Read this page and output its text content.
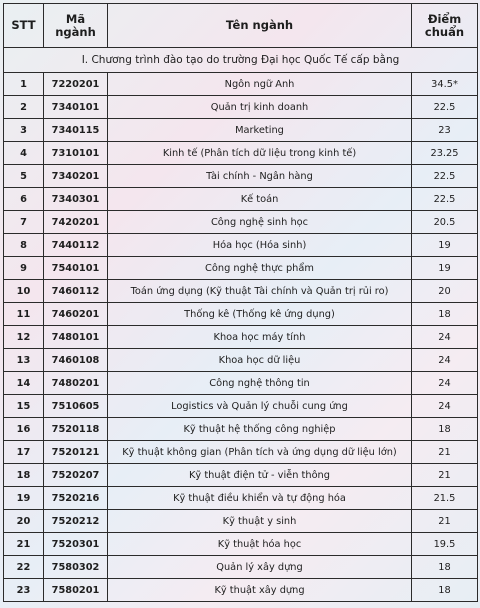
STT	Mã ngành	Tên ngành	Điểm chuẩn
I. Chương trình đào tạo do trường Đại học Quốc Tế cấp bằng			
1	7220201	Ngôn ngữ Anh	34.5*
2	7340101	Quản trị kinh doanh	22.5
3	7340115	Marketing	23
4	7310101	Kinh tế (Phân tích dữ liệu trong kinh tế)	23.25
5	7340201	Tài chính - Ngân hàng	22.5
6	7340301	Kế toán	22.5
7	7420201	Công nghệ sinh học	20.5
8	7440112	Hóa học (Hóa sinh)	19
9	7540101	Công nghệ thực phẩm	19
10	7460112	Toán ứng dụng (Kỹ thuật Tài chính và Quản trị rủi ro)	20
11	7460201	Thống kê (Thống kê ứng dụng)	18
12	7480101	Khoa học máy tính	24
13	7460108	Khoa học dữ liệu	24
14	7480201	Công nghệ thông tin	24
15	7510605	Logistics và Quản lý chuỗi cung ứng	24
16	7520118	Kỹ thuật hệ thống công nghiệp	18
17	7520121	Kỹ thuật không gian (Phân tích và ứng dụng dữ liệu lớn)	21
18	7520207	Kỹ thuật điện tử - viễn thông	21
19	7520216	Kỹ thuật điều khiển và tự động hóa	21.5
20	7520212	Kỹ thuật y sinh	21
21	7520301	Kỹ thuật hóa học	19.5
22	7580302	Quản lý xây dựng	18
23	7580201	Kỹ thuật xây dựng	18
